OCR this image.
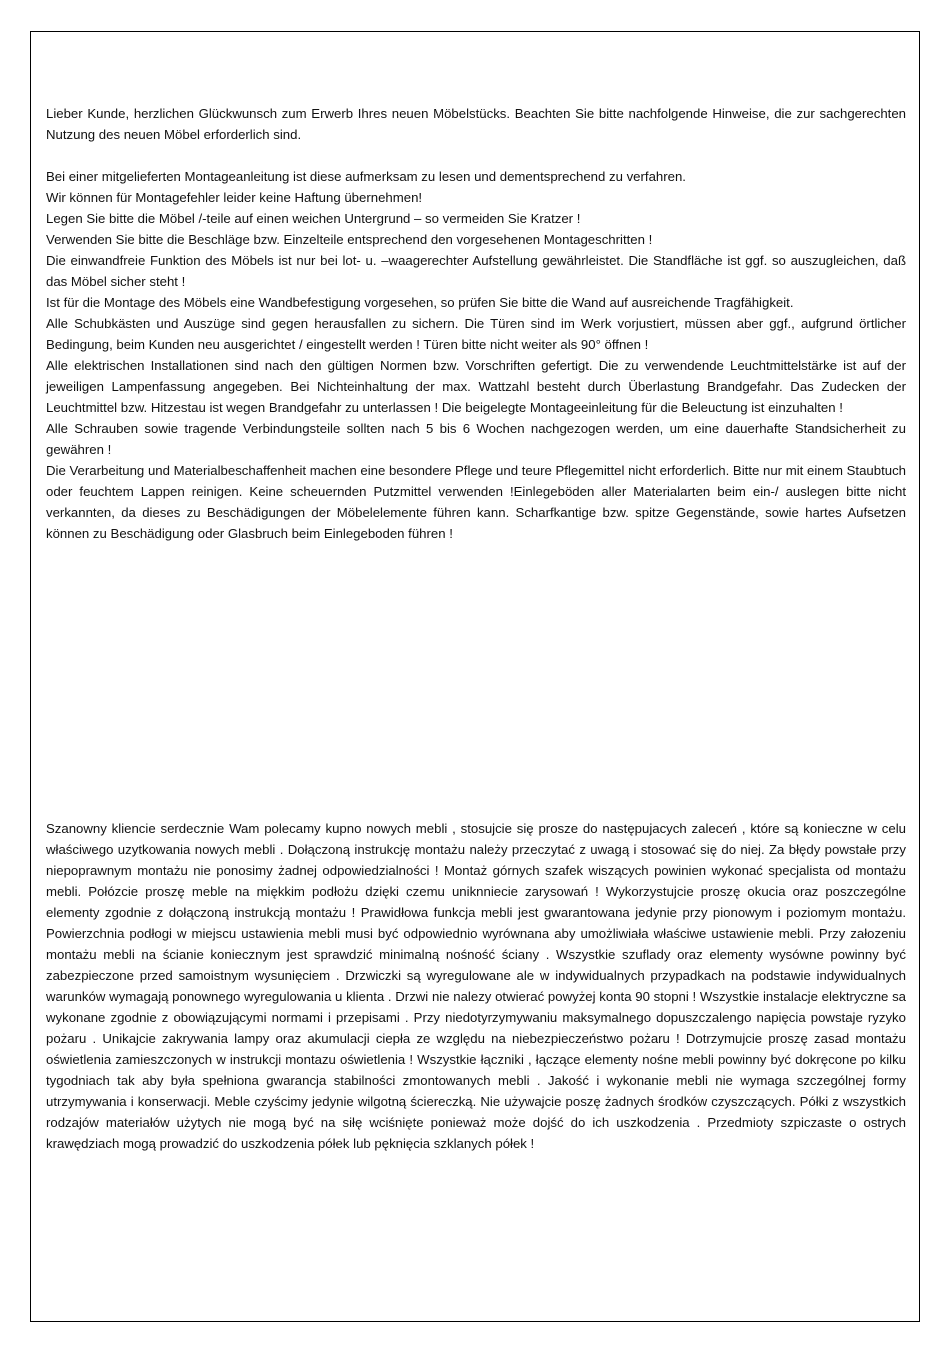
Lieber Kunde, herzlichen Glückwunsch zum Erwerb Ihres neuen Möbelstücks. Beachten Sie bitte nachfolgende Hinweise, die zur sachgerechten Nutzung des neuen Möbel erforderlich sind.

Bei einer mitgelieferten Montageanleitung ist diese aufmerksam zu lesen und dementsprechend zu verfahren.

Wir können für Montagefehler leider keine Haftung übernehmen!

Legen Sie bitte die Möbel /-teile auf einen weichen Untergrund – so vermeiden Sie Kratzer !

Verwenden Sie bitte die Beschläge bzw. Einzelteile entsprechend den vorgesehenen Montageschritten !

Die einwandfreie Funktion des Möbels ist nur bei lot- u. –waagerechter Aufstellung gewährleistet. Die Standfläche ist ggf. so auszugleichen, daß das Möbel sicher steht !

Ist für die Montage des Möbels eine Wandbefestigung vorgesehen, so prüfen Sie bitte die Wand auf ausreichende Tragfähigkeit.

Alle Schubkästen und Auszüge sind gegen herausfallen zu sichern. Die Türen sind im Werk vorjustiert, müssen aber ggf., aufgrund örtlicher Bedingung, beim Kunden neu ausgerichtet / eingestellt werden ! Türen bitte nicht weiter als 90° öffnen !

Alle elektrischen Installationen sind nach den gültigen Normen bzw. Vorschriften gefertigt. Die zu verwendende Leuchtmittelstärke ist auf der jeweiligen Lampenfassung angegeben. Bei Nichteinhaltung der max. Wattzahl besteht durch Überlastung Brandgefahr. Das Zudecken der Leuchtmittel bzw. Hitzestau ist wegen Brandgefahr zu unterlassen ! Die beigelegte Montageeinleitung für die Beleuctung ist einzuhalten !

Alle Schrauben sowie tragende Verbindungsteile sollten nach 5 bis 6 Wochen nachgezogen werden, um eine dauerhafte Standsicherheit zu gewähren !

Die Verarbeitung und Materialbeschaffenheit machen eine besondere Pflege und teure Pflegemittel nicht erforderlich. Bitte nur mit einem Staubtuch oder feuchtem Lappen reinigen. Keine scheuernden Putzmittel verwenden !Einlegeböden aller Materialarten beim ein-/ auslegen bitte nicht verkannten, da dieses zu Beschädigungen der Möbelelemente führen kann. Scharfkantige bzw. spitze Gegenstände, sowie hartes Aufsetzen können zu Beschädigung oder Glasbruch beim Einlegeboden führen !

Szanowny kliencie serdecznie Wam polecamy kupno nowych mebli , stosujcie się prosze do następujacych zaleceń , które są konieczne w celu właściwego uzytkowania nowych mebli . Dołączoną instrukcję montażu należy przeczytać z uwagą i stosować się do niej. Za błędy powstałe przy niepoprawnym montażu nie ponosimy żadnej odpowiedzialności ! Montaż górnych szafek wiszących powinien wykonać specjalista od montażu mebli. Połózcie proszę meble na miękkim podłożu dzięki czemu uniknniecie zarysowań ! Wykorzystujcie proszę okucia oraz poszczególne elementy zgodnie z dołączoną instrukcją montażu ! Prawidłowa funkcja mebli jest gwarantowana jedynie przy pionowym i poziomym montażu. Powierzchnia podłogi w miejscu ustawienia mebli musi być odpowiednio wyrównana aby umożliwiała właściwe ustawienie mebli. Przy załozeniu montażu mebli na ścianie koniecznym jest sprawdzić minimalną nośność ściany . Wszystkie szuflady oraz elementy wysówne powinny być zabezpieczone przed samoistnym wysunięciem . Drzwiczki są wyregulowane ale w indywidualnych przypadkach na podstawie indywidualnych warunków wymagają ponownego wyregulowania u klienta . Drzwi nie nalezy otwierać powyżej konta 90 stopni ! Wszystkie instalacje elektryczne sa wykonane zgodnie z obowiązującymi normami i przepisami . Przy niedotyrzymywaniu maksymalnego dopuszczalengo napięcia powstaje ryzyko pożaru . Unikajcie zakrywania lampy oraz akumulacji ciepła ze względu na niebezpieczeństwo pożaru ! Dotrzymujcie proszę zasad montażu oświetlenia zamieszczonych w instrukcji montazu oświetlenia ! Wszystkie łączniki , łączące elementy nośne mebli powinny być dokręcone po kilku tygodniach tak aby była spełniona gwarancja stabilności zmontowanych mebli . Jakość i wykonanie mebli nie wymaga szczególnej formy utrzymywania i konserwacji. Meble czyścimy jedynie wilgotną ściereczką. Nie używajcie poszę żadnych środków czyszczących. Półki z wszystkich rodzajów materiałów użytych nie mogą być na siłę wciśnięte ponieważ może dojść do ich uszkodzenia . Przedmioty szpiczaste o ostrych krawędziach mogą prowadzić do uszkodzenia półek lub pęknięcia szklanych półek !
